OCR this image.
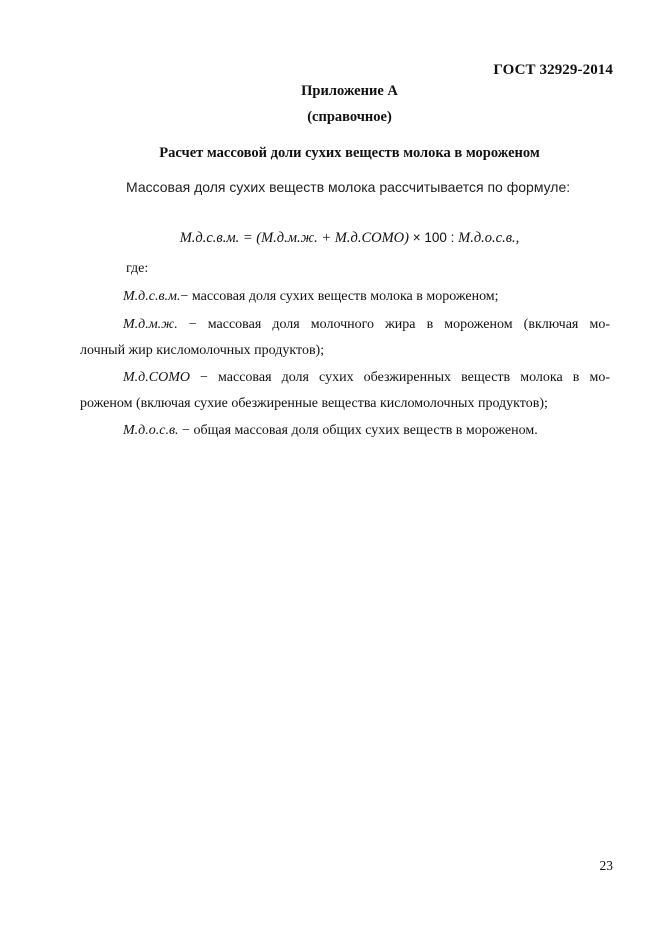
ГОСТ 32929-2014
Приложение А
(справочное)
Расчет массовой доли сухих веществ молока в мороженом
Массовая доля сухих веществ молока рассчитывается по формуле:
М.д.с.в.м. = (М.д.м.ж. + М.д.СОМО) × 100 : М.д.о.с.в.,
где:
М.д.с.в.м.− массовая доля сухих веществ молока в мороженом;
М.д.м.ж. − массовая доля молочного жира в мороженом (включая мо-
лочный жир кисломолочных продуктов);
М.д.СОМО − массовая доля сухих обезжиренных веществ молока в мо-
роженом (включая сухие обезжиренные вещества кисломолочных продуктов);
М.д.о.с.в. − общая массовая доля общих сухих веществ в мороженом.
23
